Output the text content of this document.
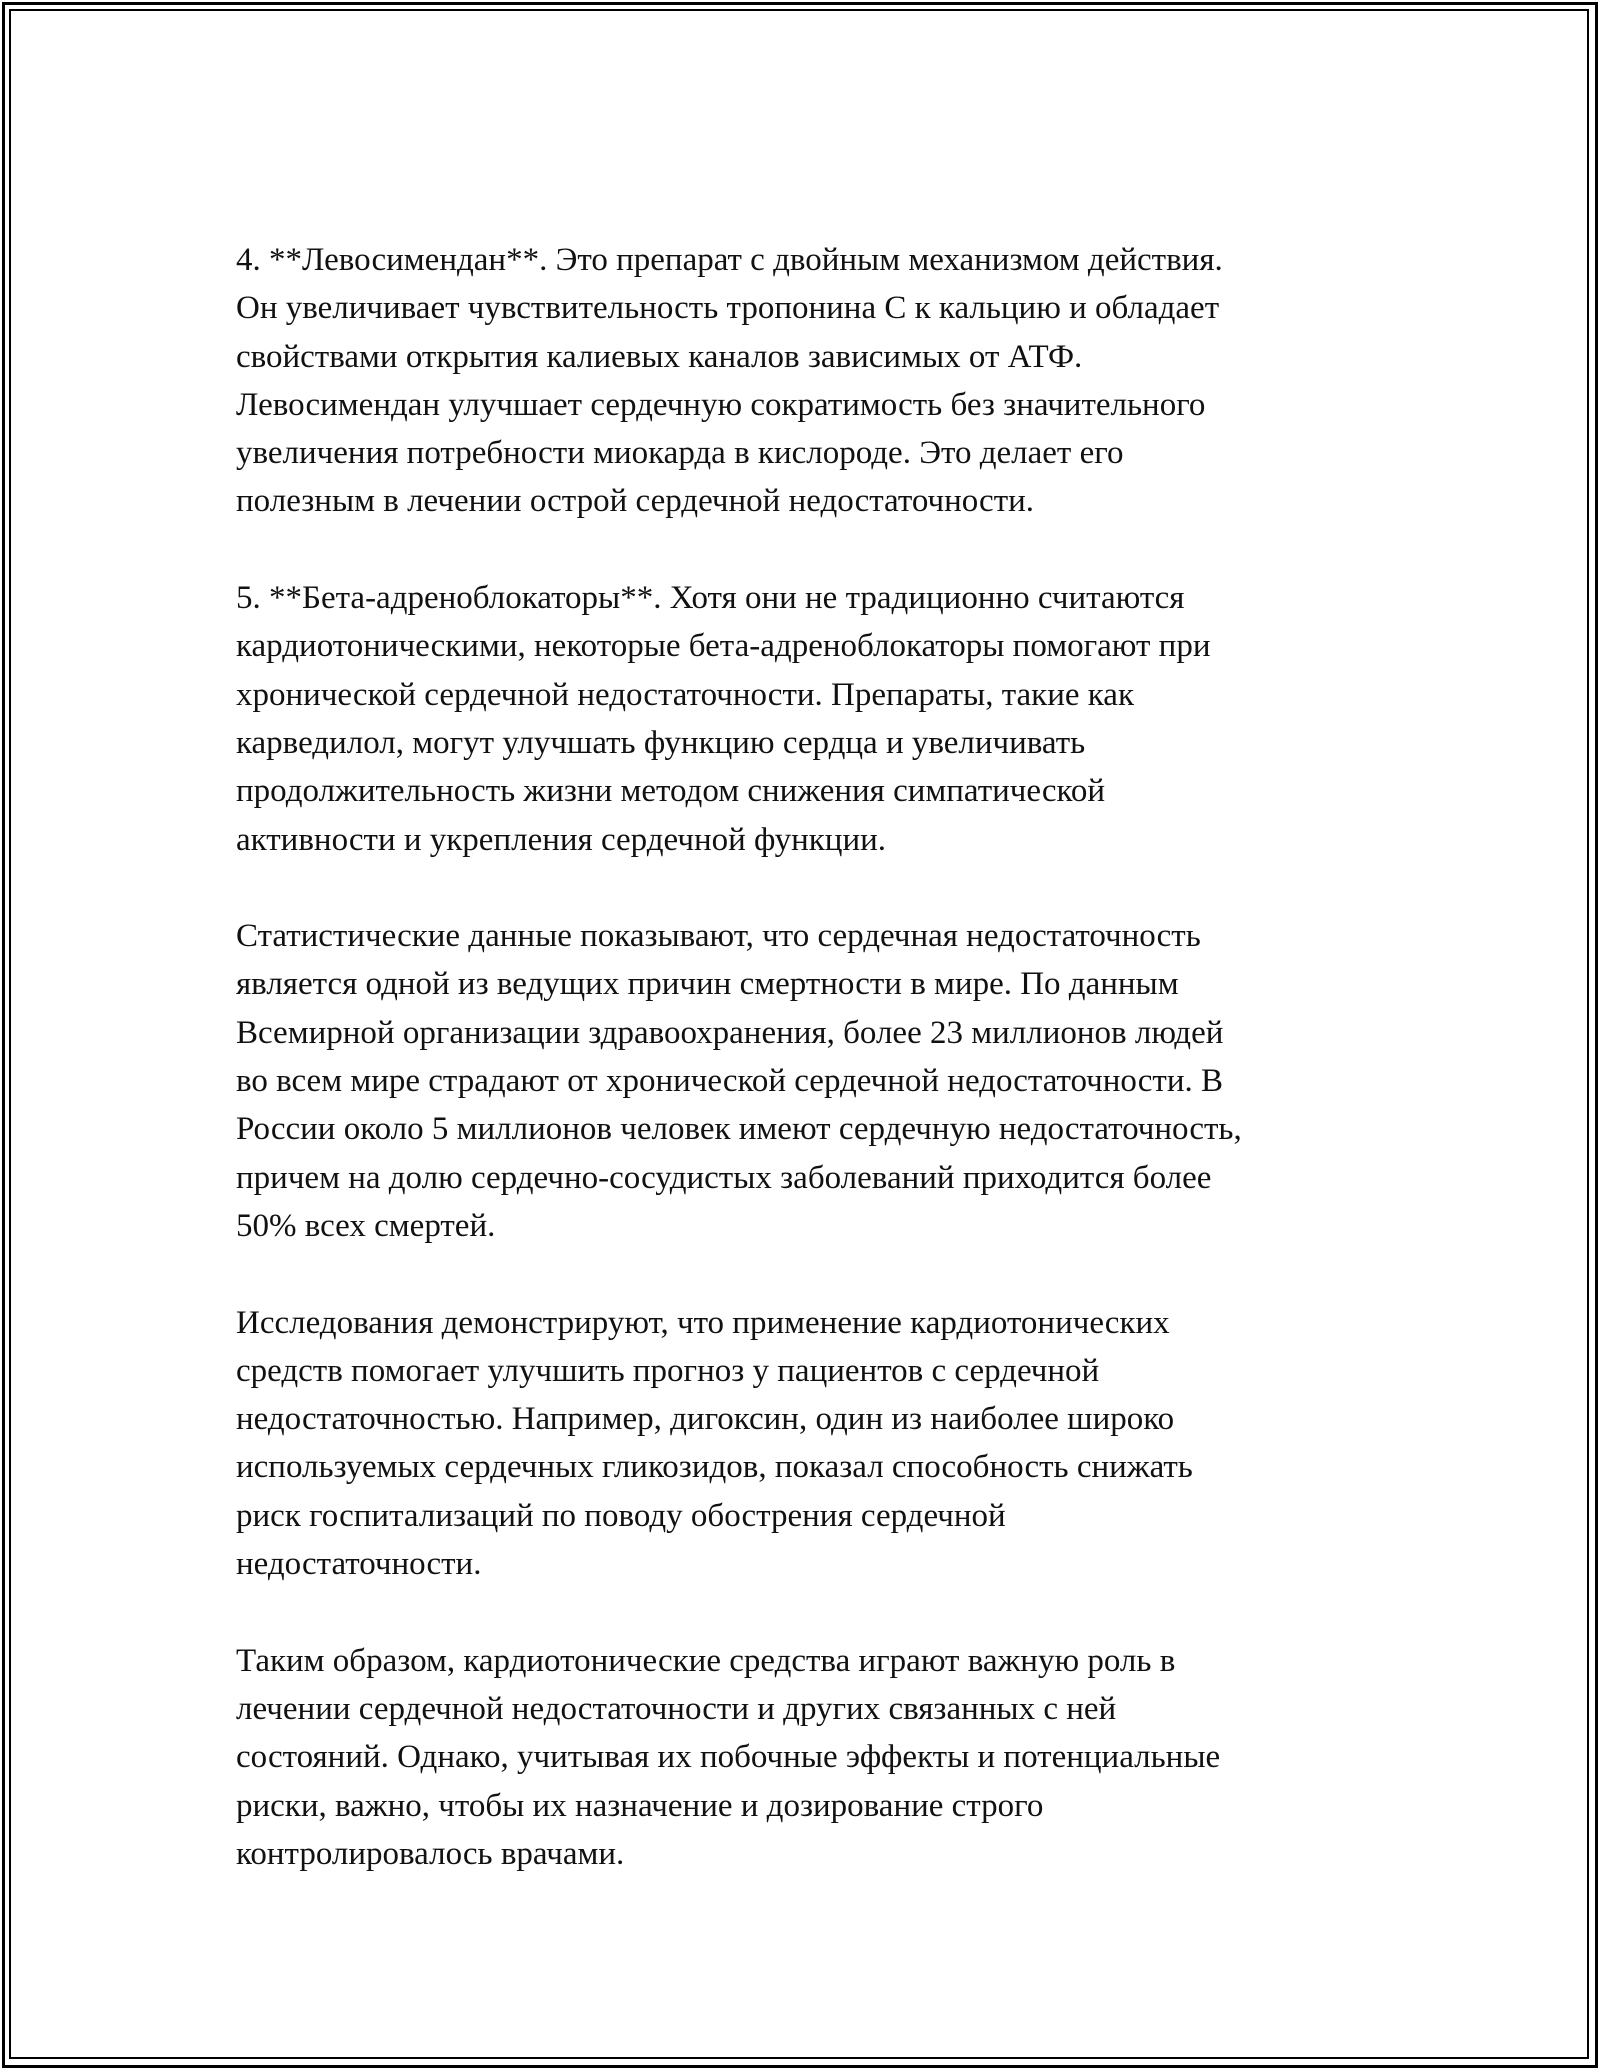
4. **Левосимендан**. Это препарат с двойным механизмом действия.
Он увеличивает чувствительность тропонина C к кальцию и обладает
свойствами открытия калиевых каналов зависимых от АТФ.
Левосимендан улучшает сердечную сократимость без значительного
увеличения потребности миокарда в кислороде. Это делает его
полезным в лечении острой сердечной недостаточности.

5. **Бета-адреноблокаторы**. Хотя они не традиционно считаются
кардиотоническими, некоторые бета-адреноблокаторы помогают при
хронической сердечной недостаточности. Препараты, такие как
карведилол, могут улучшать функцию сердца и увеличивать
продолжительность жизни методом снижения симпатической
активности и укрепления сердечной функции.

Статистические данные показывают, что сердечная недостаточность
является одной из ведущих причин смертности в мире. По данным
Всемирной организации здравоохранения, более 23 миллионов людей
во всем мире страдают от хронической сердечной недостаточности. В
России около 5 миллионов человек имеют сердечную недостаточность,
причем на долю сердечно-сосудистых заболеваний приходится более
50% всех смертей.

Исследования демонстрируют, что применение кардиотонических
средств помогает улучшить прогноз у пациентов с сердечной
недостаточностью. Например, дигоксин, один из наиболее широко
используемых сердечных гликозидов, показал способность снижать
риск госпитализаций по поводу обострения сердечной
недостаточности.

Таким образом, кардиотонические средства играют важную роль в
лечении сердечной недостаточности и других связанных с ней
состояний. Однако, учитывая их побочные эффекты и потенциальные
риски, важно, чтобы их назначение и дозирование строго
контролировалось врачами.
